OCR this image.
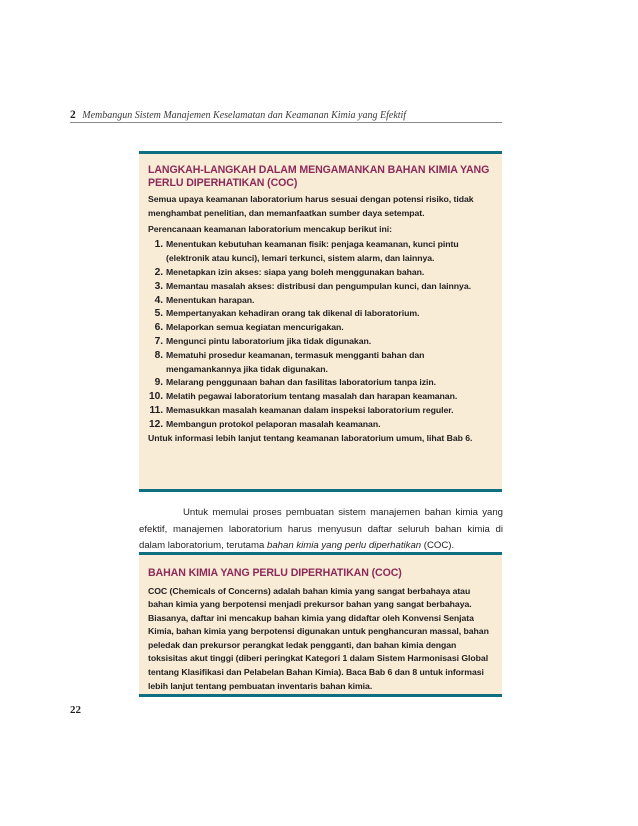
2 Membangun Sistem Manajemen Keselamatan dan Keamanan Kimia yang Efektif
LANGKAH-LANGKAH DALAM MENGAMANKAN BAHAN KIMIA YANG PERLU DIPERHATIKAN (COC)

Semua upaya keamanan laboratorium harus sesuai dengan potensi risiko, tidak menghambat penelitian, dan memanfaatkan sumber daya setempat.

Perencanaan keamanan laboratorium mencakup berikut ini:

1. Menentukan kebutuhan keamanan fisik: penjaga keamanan, kunci pintu (elektronik atau kunci), lemari terkunci, sistem alarm, dan lainnya.
2. Menetapkan izin akses: siapa yang boleh menggunakan bahan.
3. Memantau masalah akses: distribusi dan pengumpulan kunci, dan lainnya.
4. Menentukan harapan.
5. Mempertanyakan kehadiran orang tak dikenal di laboratorium.
6. Melaporkan semua kegiatan mencurigakan.
7. Mengunci pintu laboratorium jika tidak digunakan.
8. Mematuhi prosedur keamanan, termasuk mengganti bahan dan mengamankannya jika tidak digunakan.
9. Melarang penggunaan bahan dan fasilitas laboratorium tanpa izin.
10. Melatih pegawai laboratorium tentang masalah dan harapan keamanan.
11. Memasukkan masalah keamanan dalam inspeksi laboratorium reguler.
12. Membangun protokol pelaporan masalah keamanan.

Untuk informasi lebih lanjut tentang keamanan laboratorium umum, lihat Bab 6.

Untuk memulai proses pembuatan sistem manajemen bahan kimia yang efektif, manajemen laboratorium harus menyusun daftar seluruh bahan kimia di dalam laboratorium, terutama bahan kimia yang perlu diperhatikan (COC).
BAHAN KIMIA YANG PERLU DIPERHATIKAN (COC)

COC (Chemicals of Concerns) adalah bahan kimia yang sangat berbahaya atau bahan kimia yang berpotensi menjadi prekursor bahan yang sangat berbahaya. Biasanya, daftar ini mencakup bahan kimia yang didaftar oleh Konvensi Senjata Kimia, bahan kimia yang berpotensi digunakan untuk penghancuran massal, bahan peledak dan prekursor perangkat ledak pengganti, dan bahan kimia dengan toksisitas akut tinggi (diberi peringkat Kategori 1 dalam Sistem Harmonisasi Global tentang Klasifikasi dan Pelabelan Bahan Kimia). Baca Bab 6 dan 8 untuk informasi lebih lanjut tentang pembuatan inventaris bahan kimia.

22
